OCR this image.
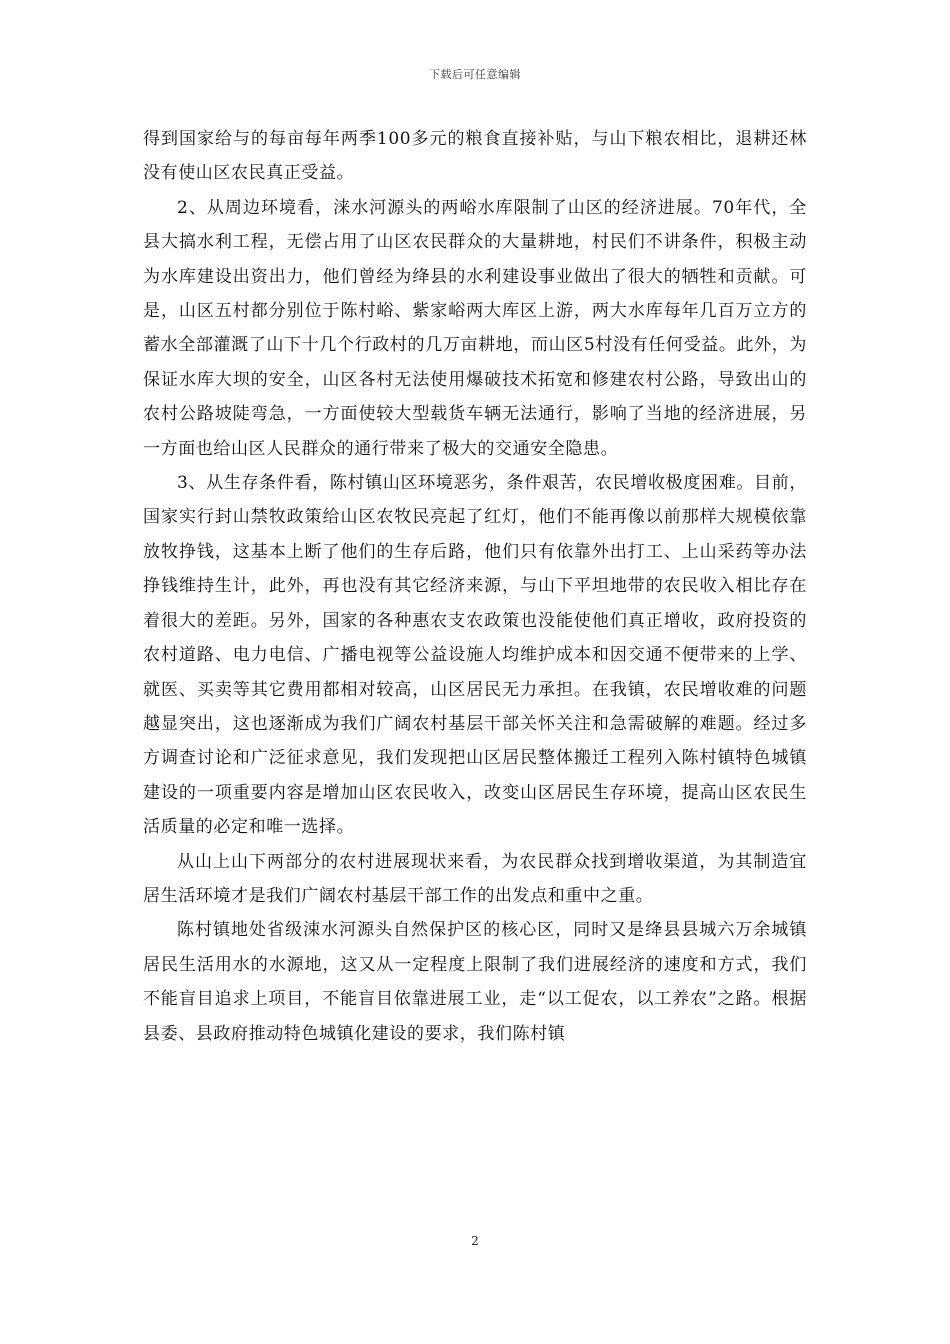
下载后可任意编辑

得到国家给与的每亩每年两季100多元的粮食直接补贴，与山下粮农相比，退耕还林没有使山区农民真正受益。

2、从周边环境看，涞水河源头的两峪水库限制了山区的经济进展。70年代，全县大搞水利工程，无偿占用了山区农民群众的大量耕地，村民们不讲条件，积极主动为水库建设出资出力，他们曾经为绛县的水利建设事业做出了很大的牺牲和贡献。可是，山区五村都分别位于陈村峪、紫家峪两大库区上游，两大水库每年几百万立方的蓄水全部灌溉了山下十几个行政村的几万亩耕地，而山区5村没有任何受益。此外，为保证水库大坝的安全，山区各村无法使用爆破技术拓宽和修建农村公路，导致出山的农村公路坡陡弯急，一方面使较大型载货车辆无法通行，影响了当地的经济进展，另一方面也给山区人民群众的通行带来了极大的交通安全隐患。

3、从生存条件看，陈村镇山区环境恶劣，条件艰苦，农民增收极度困难。目前，国家实行封山禁牧政策给山区农牧民亮起了红灯，他们不能再像以前那样大规模依靠放牧挣钱，这基本上断了他们的生存后路，他们只有依靠外出打工、上山采药等办法挣钱维持生计，此外，再也没有其它经济来源，与山下平坦地带的农民收入相比存在着很大的差距。另外，国家的各种惠农支农政策也没能使他们真正增收，政府投资的农村道路、电力电信、广播电视等公益设施人均维护成本和因交通不便带来的上学、就医、买卖等其它费用都相对较高，山区居民无力承担。在我镇，农民增收难的问题越显突出，这也逐渐成为我们广阔农村基层干部关怀关注和急需破解的难题。经过多方调查讨论和广泛征求意见，我们发现把山区居民整体搬迁工程列入陈村镇特色城镇建设的一项重要内容是增加山区农民收入，改变山区居民生存环境，提高山区农民生活质量的必定和唯一选择。

从山上山下两部分的农村进展现状来看，为农民群众找到增收渠道，为其制造宜居生活环境才是我们广阔农村基层干部工作的出发点和重中之重。

陈村镇地处省级涑水河源头自然保护区的核心区，同时又是绛县县城六万余城镇居民生活用水的水源地，这又从一定程度上限制了我们进展经济的速度和方式，我们不能盲目追求上项目，不能盲目依靠进展工业，走“以工促农，以工养农”之路。根据县委、县政府推动特色城镇化建设的要求，我们陈村镇

2
